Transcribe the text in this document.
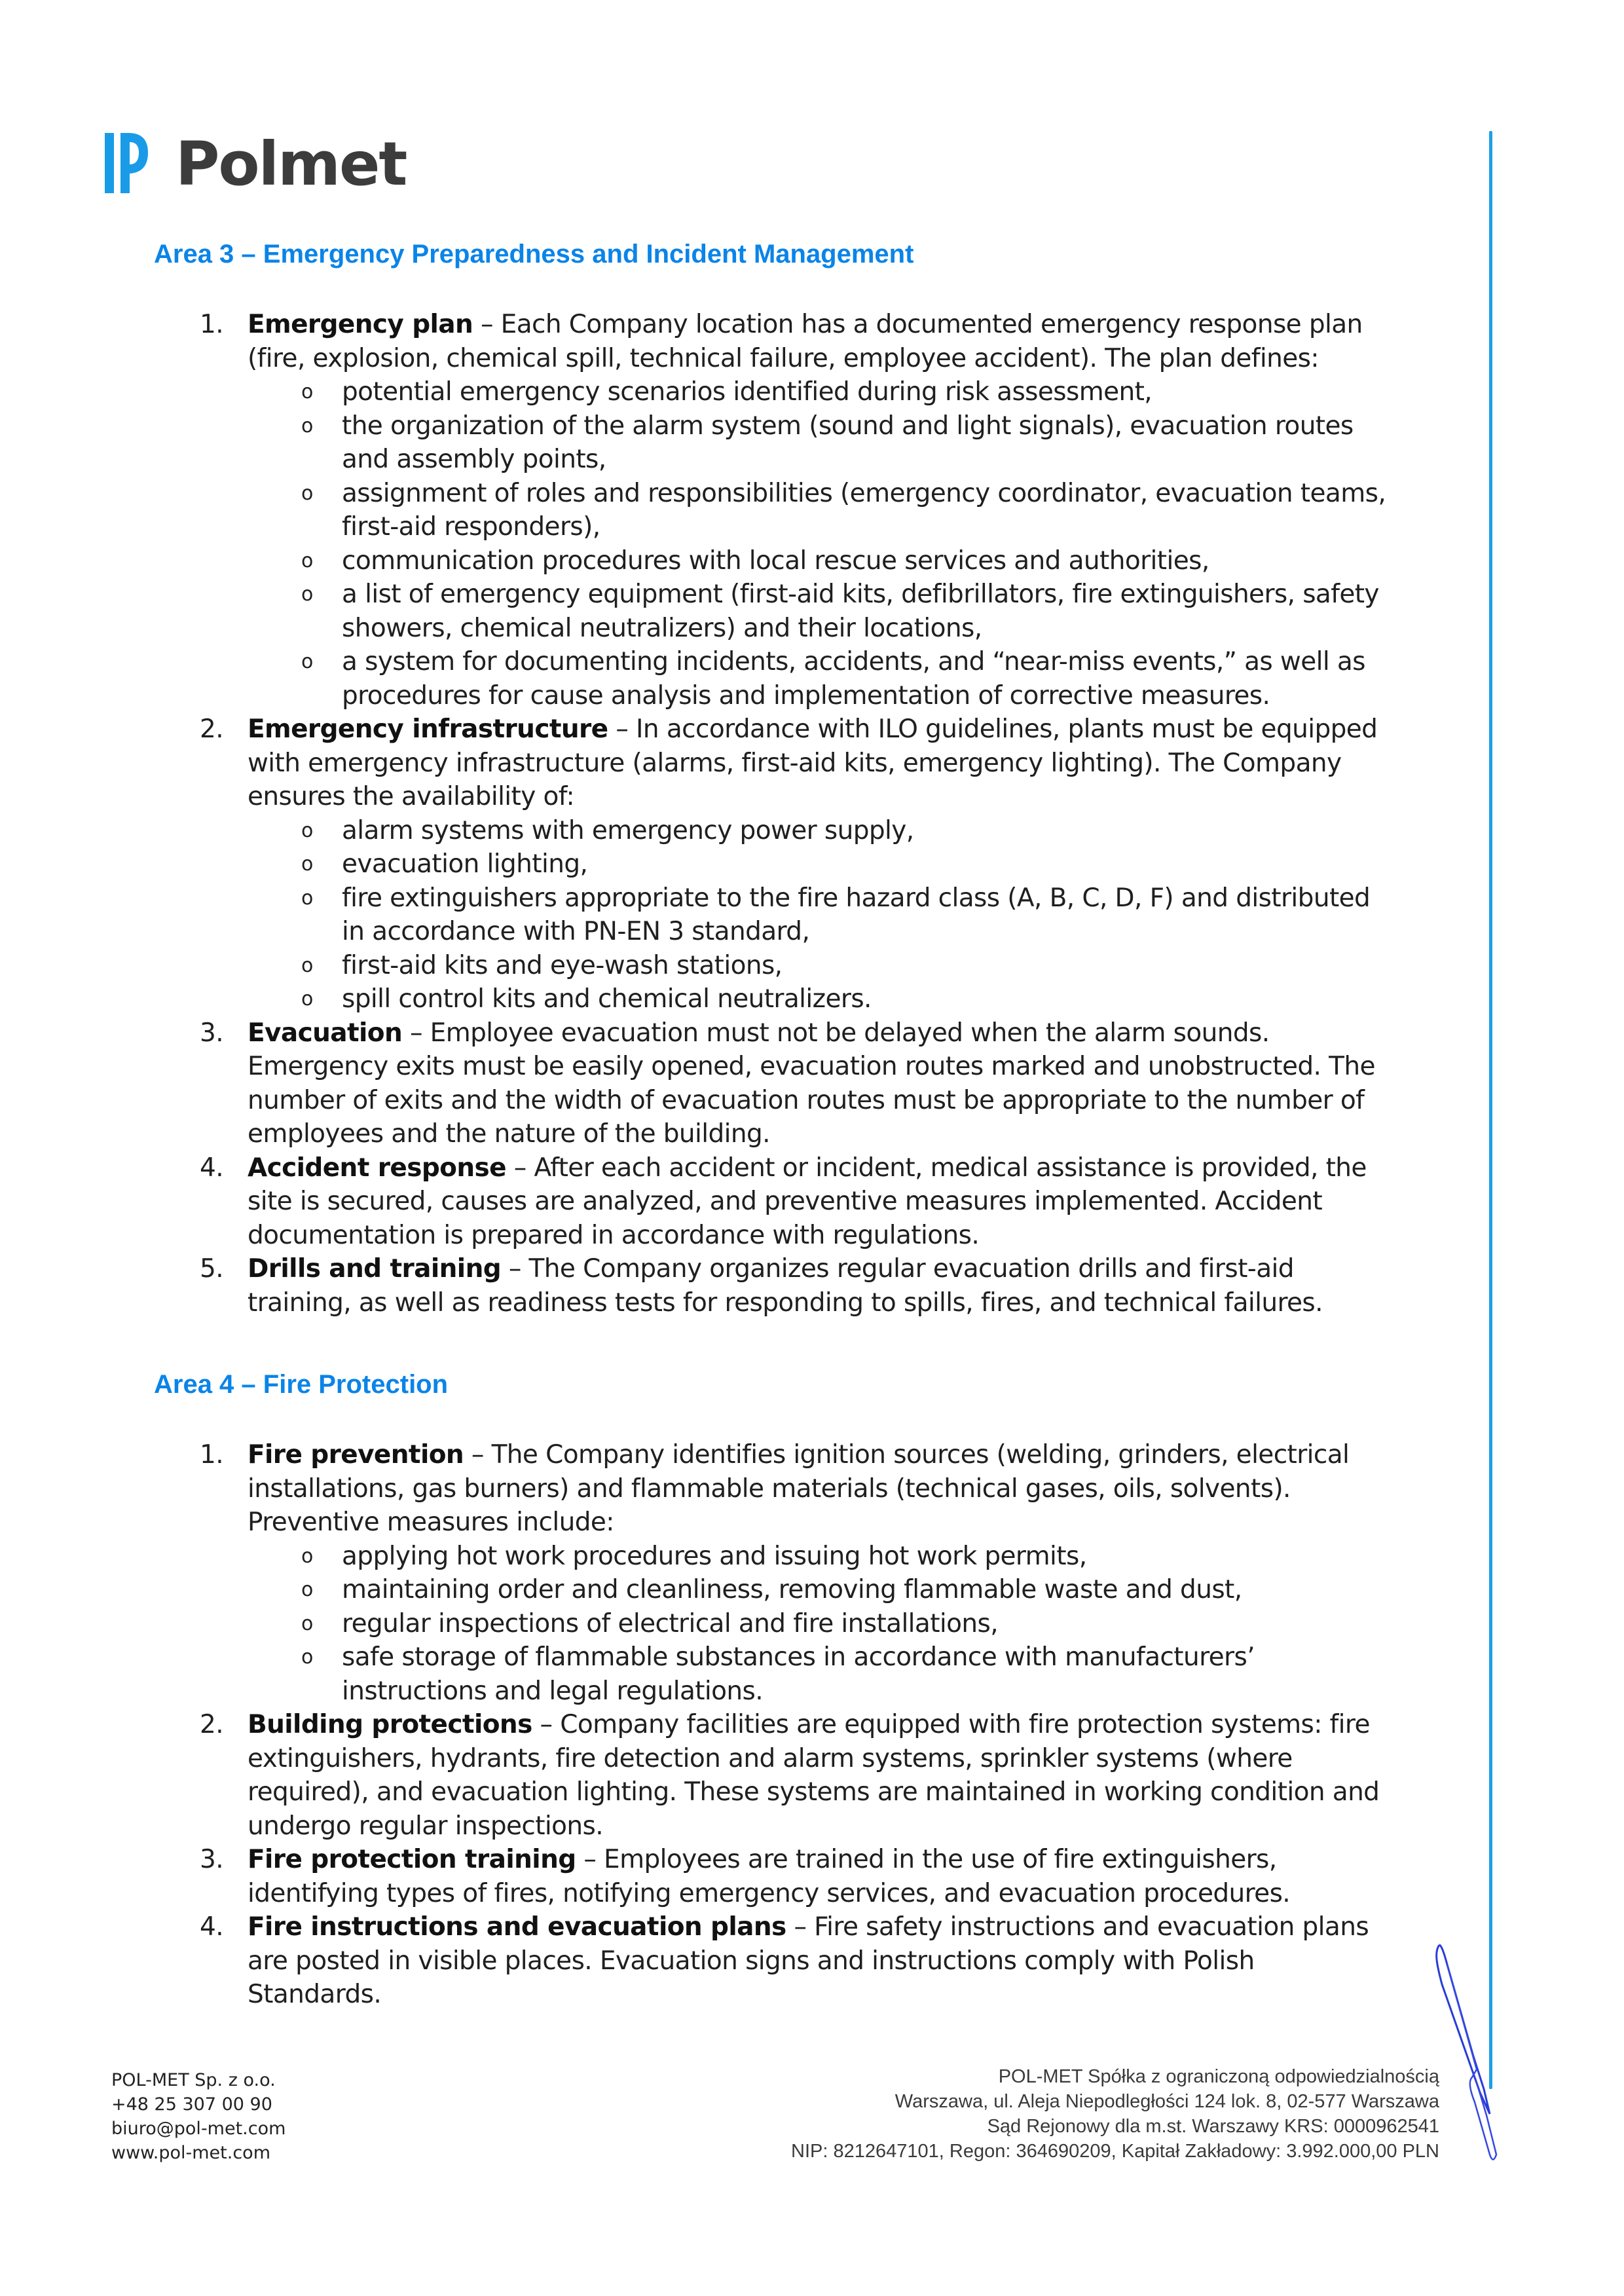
Polmet
Area 3 – Emergency Preparedness and Incident Management
1. Emergency plan – Each Company location has a documented emergency response plan (fire, explosion, chemical spill, technical failure, employee accident). The plan defines:
o potential emergency scenarios identified during risk assessment,
o the organization of the alarm system (sound and light signals), evacuation routes and assembly points,
o assignment of roles and responsibilities (emergency coordinator, evacuation teams, first-aid responders),
o communication procedures with local rescue services and authorities,
o a list of emergency equipment (first-aid kits, defibrillators, fire extinguishers, safety showers, chemical neutralizers) and their locations,
o a system for documenting incidents, accidents, and “near-miss events,” as well as procedures for cause analysis and implementation of corrective measures.
2. Emergency infrastructure – In accordance with ILO guidelines, plants must be equipped with emergency infrastructure (alarms, first-aid kits, emergency lighting). The Company ensures the availability of:
o alarm systems with emergency power supply,
o evacuation lighting,
o fire extinguishers appropriate to the fire hazard class (A, B, C, D, F) and distributed in accordance with PN-EN 3 standard,
o first-aid kits and eye-wash stations,
o spill control kits and chemical neutralizers.
3. Evacuation – Employee evacuation must not be delayed when the alarm sounds. Emergency exits must be easily opened, evacuation routes marked and unobstructed. The number of exits and the width of evacuation routes must be appropriate to the number of employees and the nature of the building.
4. Accident response – After each accident or incident, medical assistance is provided, the site is secured, causes are analyzed, and preventive measures implemented. Accident documentation is prepared in accordance with regulations.
5. Drills and training – The Company organizes regular evacuation drills and first-aid training, as well as readiness tests for responding to spills, fires, and technical failures.
Area 4 – Fire Protection
1. Fire prevention – The Company identifies ignition sources (welding, grinders, electrical installations, gas burners) and flammable materials (technical gases, oils, solvents). Preventive measures include:
o applying hot work procedures and issuing hot work permits,
o maintaining order and cleanliness, removing flammable waste and dust,
o regular inspections of electrical and fire installations,
o safe storage of flammable substances in accordance with manufacturers’ instructions and legal regulations.
2. Building protections – Company facilities are equipped with fire protection systems: fire extinguishers, hydrants, fire detection and alarm systems, sprinkler systems (where required), and evacuation lighting. These systems are maintained in working condition and undergo regular inspections.
3. Fire protection training – Employees are trained in the use of fire extinguishers, identifying types of fires, notifying emergency services, and evacuation procedures.
4. Fire instructions and evacuation plans – Fire safety instructions and evacuation plans are posted in visible places. Evacuation signs and instructions comply with Polish Standards.
POL-MET Sp. z o.o.
+48 25 307 00 90
biuro@pol-met.com
www.pol-met.com
POL-MET Spółka z ograniczoną odpowiedzialnością
Warszawa, ul. Aleja Niepodległości 124 lok. 8, 02-577 Warszawa
Sąd Rejonowy dla m.st. Warszawy KRS: 0000962541
NIP: 8212647101, Regon: 364690209, Kapitał Zakładowy: 3.992.000,00 PLN
